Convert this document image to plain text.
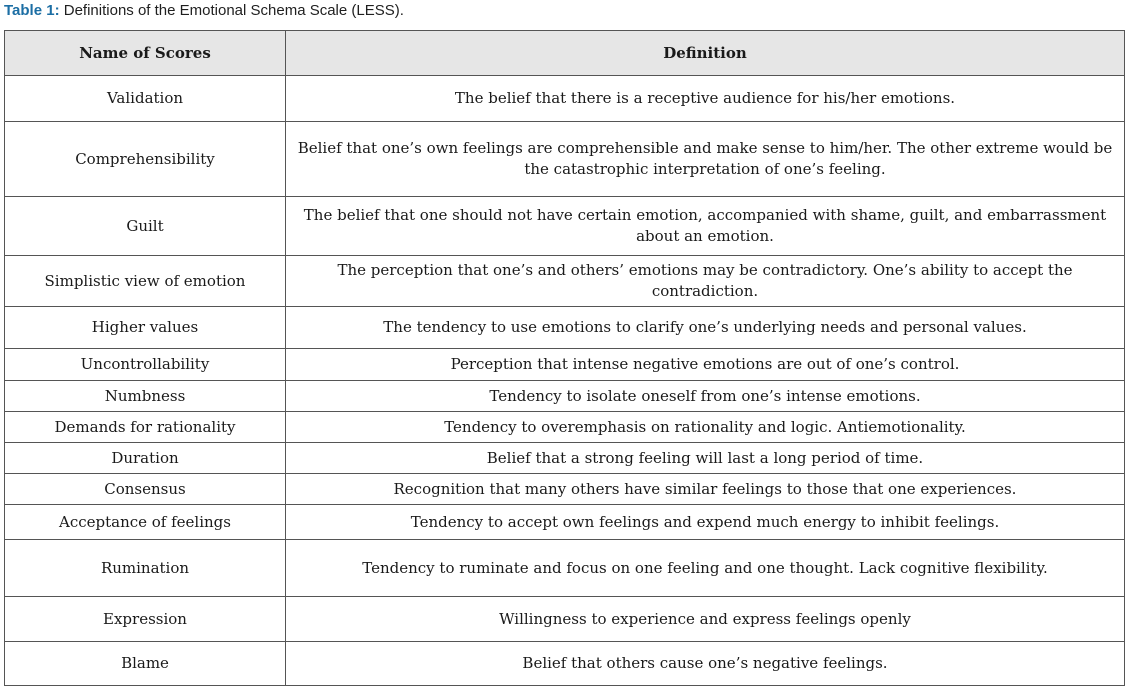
Table 1: Definitions of the Emotional Schema Scale (LESS).
Name of Scores	Definition
Validation	The belief that there is a receptive audience for his/her emotions.
Comprehensibility	Belief that one’s own feelings are comprehensible and make sense to him/her. The other extreme would be the catastrophic interpretation of one’s feeling.
Guilt	The belief that one should not have certain emotion, accompanied with shame, guilt, and embarrassment about an emotion.
Simplistic view of emotion	The perception that one’s and others’ emotions may be contradictory. One’s ability to accept the contradiction.
Higher values	The tendency to use emotions to clarify one’s underlying needs and personal values.
Uncontrollability	Perception that intense negative emotions are out of one’s control.
Numbness	Tendency to isolate oneself from one’s intense emotions.
Demands for rationality	Tendency to overemphasis on rationality and logic. Antiemotionality.
Duration	Belief that a strong feeling will last a long period of time.
Consensus	Recognition that many others have similar feelings to those that one experiences.
Acceptance of feelings	Tendency to accept own feelings and expend much energy to inhibit feelings.
Rumination	Tendency to ruminate and focus on one feeling and one thought. Lack cognitive flexibility.
Expression	Willingness to experience and express feelings openly
Blame	Belief that others cause one’s negative feelings.
